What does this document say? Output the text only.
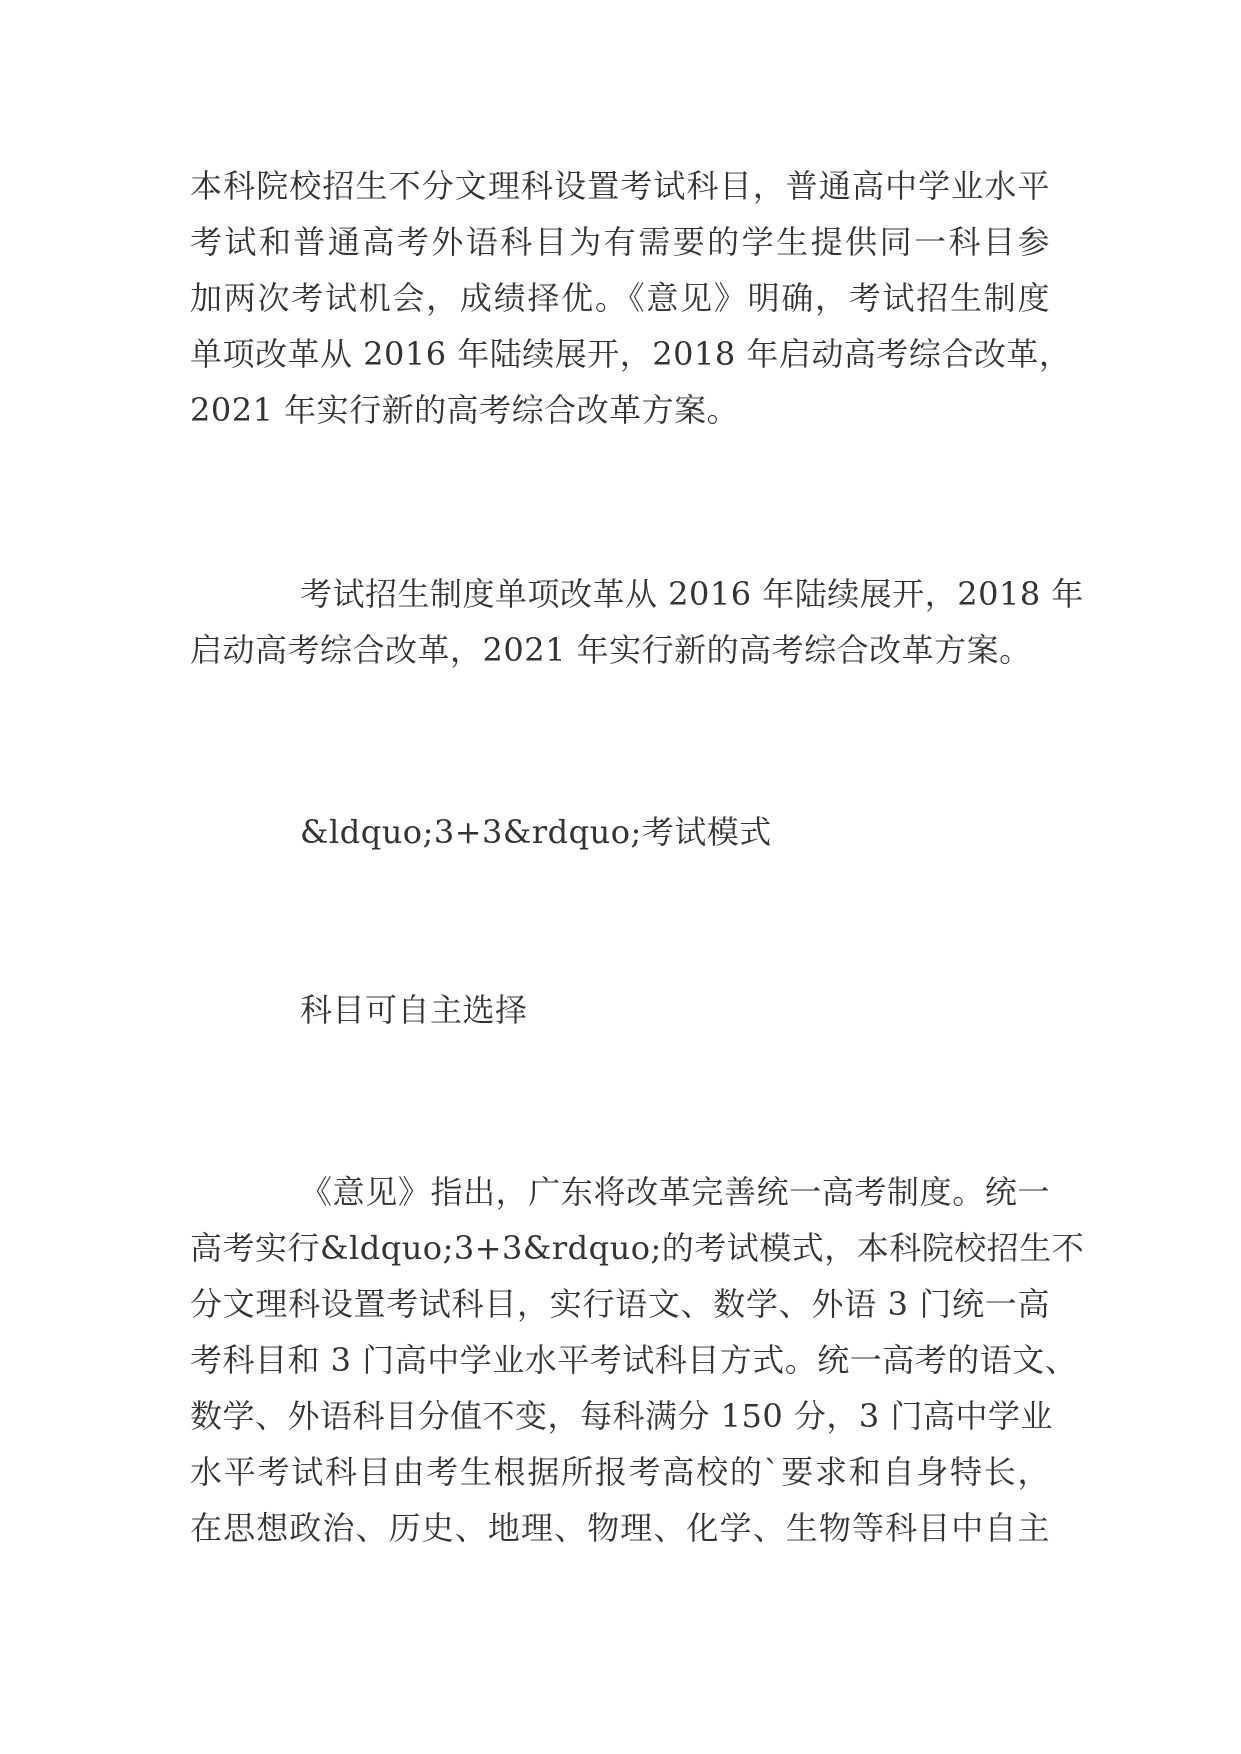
本科院校招生不分文理科设置考试科目，普通高中学业水平
考试和普通高考外语科目为有需要的学生提供同一科目参
加两次考试机会，成绩择优。《意见》明确，考试招生制度
单项改革从 2016 年陆续展开，2018 年启动高考综合改革，
2021 年实行新的高考综合改革方案。
考试招生制度单项改革从 2016 年陆续展开，2018 年
启动高考综合改革，2021 年实行新的高考综合改革方案。
&ldquo;3+3&rdquo;考试模式
科目可自主选择
《意见》指出，广东将改革完善统一高考制度。统一
高考实行&ldquo;3+3&rdquo;的考试模式，本科院校招生不
分文理科设置考试科目，实行语文、数学、外语 3 门统一高
考科目和 3 门高中学业水平考试科目方式。统一高考的语文、
数学、外语科目分值不变，每科满分 150 分，3 门高中学业
水平考试科目由考生根据所报考高校的`要求和自身特长，
在思想政治、历史、地理、物理、化学、生物等科目中自主
